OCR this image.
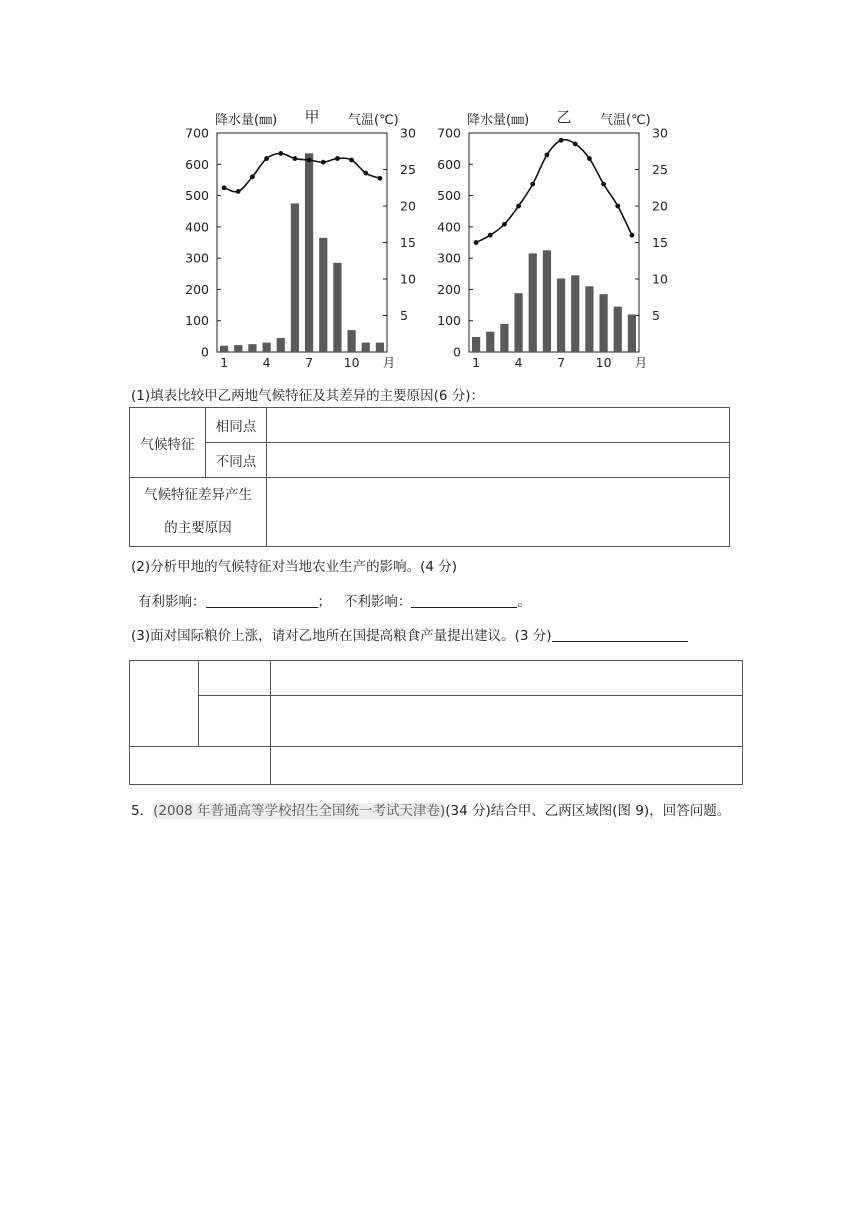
降水量(㎜) 甲 气温(℃)
700
600
500
400
300
200
100
0
30
25
20
15
10
5
1	4	7 10 月
降水量(㎜) 乙 气温(℃)
700
600
500
400
300
200
100
0
30
25
20
15
10
5
1	4	7 10 月
(1)填表比较甲乙两地气候特征及其差异的主要原因(6 分)：
气候特征	相同点	
	不同点	
气候特征差异产生
的主要原因		
(2)分析甲地的气候特征对当地农业生产的影响。(4 分)
有利影响：	； 不利影响：	。
(3)面对国际粮价上涨，请对乙地所在国提高粮食产量提出建议。(3 分)

5．(2008 年普通高等学校招生全国统一考试天津卷)(34 分)结合甲、乙两区域图(图 9)，回答问题。
